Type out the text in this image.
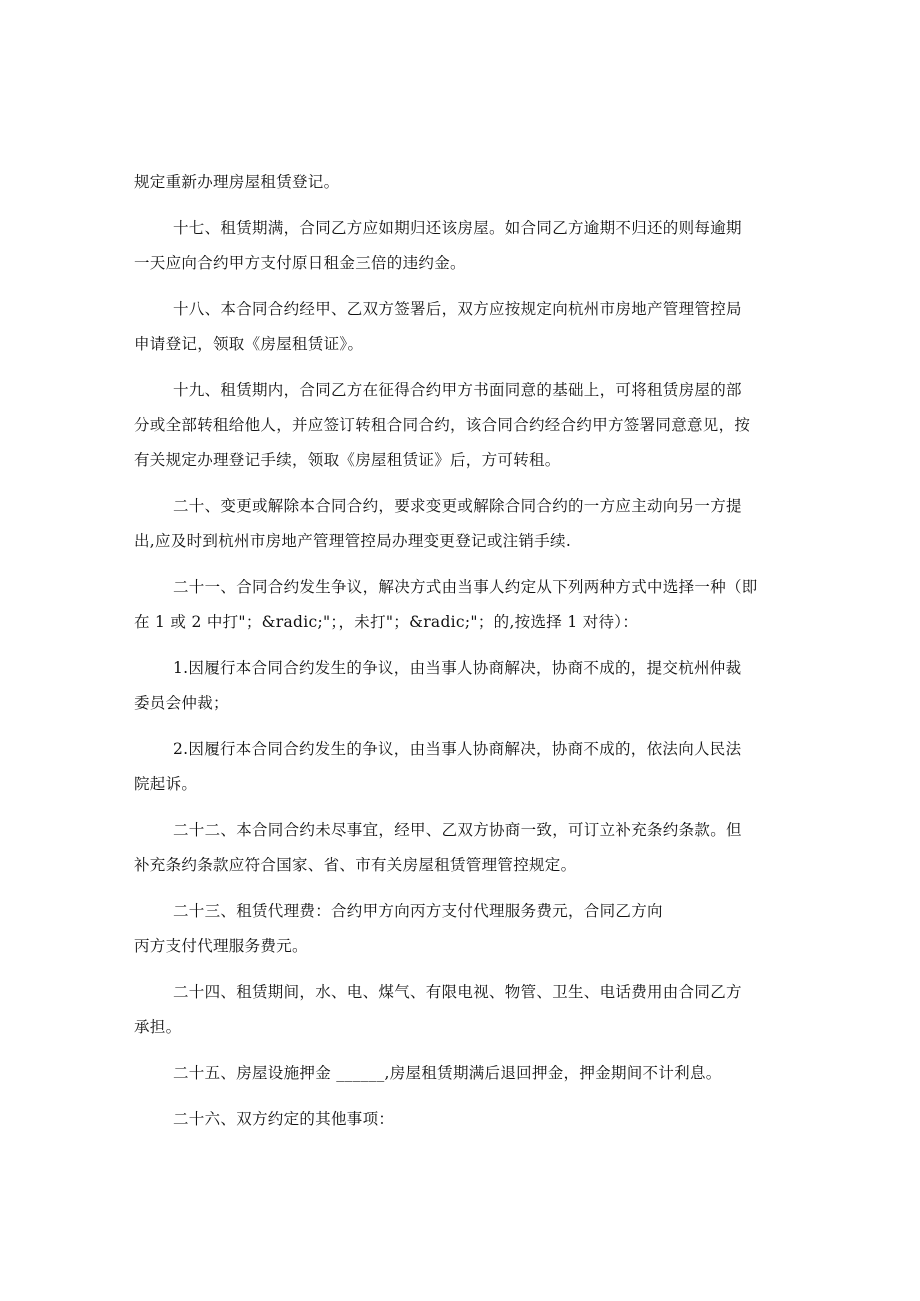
规定重新办理房屋租赁登记。

十七、租赁期满，合同乙方应如期归还该房屋。如合同乙方逾期不归还的则每逾期
一天应向合约甲方支付原日租金三倍的违约金。

十八、本合同合约经甲、乙双方签署后，双方应按规定向杭州市房地产管理管控局
申请登记，领取《房屋租赁证》。

十九、租赁期内，合同乙方在征得合约甲方书面同意的基础上，可将租赁房屋的部
分或全部转租给他人，并应签订转租合同合约，该合同合约经合约甲方签署同意意见，按
有关规定办理登记手续，领取《房屋租赁证》后，方可转租。

二十、变更或解除本合同合约，要求变更或解除合同合约的一方应主动向另一方提
出,应及时到杭州市房地产管理管控局办理变更登记或注销手续.

二十一、合同合约发生争议，解决方式由当事人约定从下列两种方式中选择一种（即
在 1 或 2 中打"；&radic;"；，未打"；&radic;"；的,按选择 1 对待）：

1.因履行本合同合约发生的争议，由当事人协商解决，协商不成的，提交杭州仲裁
委员会仲裁；

2.因履行本合同合约发生的争议，由当事人协商解决，协商不成的，依法向人民法
院起诉。

二十二、本合同合约未尽事宜，经甲、乙双方协商一致，可订立补充条约条款。但
补充条约条款应符合国家、省、市有关房屋租赁管理管控规定。

二十三、租赁代理费：合约甲方向丙方支付代理服务费元，合同乙方向
丙方支付代理服务费元。

二十四、租赁期间，水、电、煤气、有限电视、物管、卫生、电话费用由合同乙方
承担。

二十五、房屋设施押金 ______,房屋租赁期满后退回押金，押金期间不计利息。

二十六、双方约定的其他事项：
